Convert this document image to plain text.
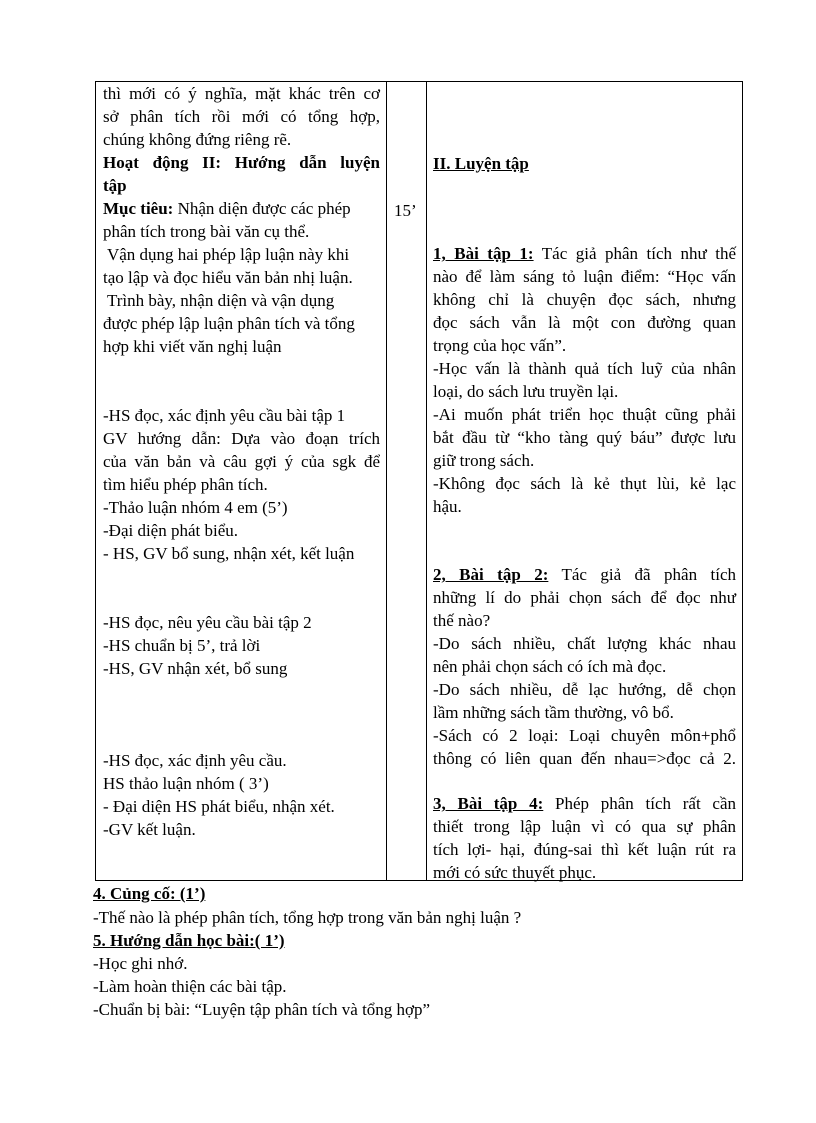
thì mới có ý nghĩa, mặt khác trên cơ
sở phân tích rồi mới có tổng hợp,
chúng không đứng riêng rẽ.
Hoạt động II: Hướng dẫn luyện
tập
Mục tiêu: Nhận diện được các phép
phân tích trong bài văn cụ thể.
Vận dụng hai phép lập luận này khi
tạo lập và đọc hiểu văn bản nhị luận.
Trình bày, nhận diện và vận dụng
được phép lập luận phân tích và tổng
hợp khi viết văn nghị luận
-HS đọc, xác định yêu cầu bài tập 1
GV hướng dẫn: Dựa vào đoạn trích
của văn bản và câu gợi ý của sgk để
tìm hiểu phép phân tích.
-Thảo luận nhóm 4 em (5’)
-Đại diện phát biểu.
- HS, GV bổ sung, nhận xét, kết luận
-HS đọc, nêu yêu cầu bài tập 2
-HS chuẩn bị 5’, trả lời
-HS, GV nhận xét, bổ sung
-HS đọc, xác định yêu cầu.
HS thảo luận nhóm ( 3’)
- Đại diện HS phát biểu, nhận xét.
-GV kết luận.
15’
II. Luyện tập
1, Bài tập 1: Tác giả phân tích như thế
nào để làm sáng tỏ luận điểm: “Học vấn
không chỉ là chuyện đọc sách, nhưng
đọc sách vẫn là một con đường quan
trọng của học vấn”.
-Học vấn là thành quả tích luỹ của nhân
loại, do sách lưu truyền lại.
-Ai muốn phát triển học thuật cũng phải
bắt đầu từ “kho tàng quý báu” được lưu
giữ trong sách.
-Không đọc sách là kẻ thụt lùi, kẻ lạc
hậu.
2, Bài tập 2: Tác giả đã phân tích
những lí do phải chọn sách để đọc như
thế nào?
-Do sách nhiều, chất lượng khác nhau
nên phải chọn sách có ích mà đọc.
-Do sách nhiều, dễ lạc hướng, dễ chọn
lầm những sách tầm thường, vô bổ.
-Sách có 2 loại: Loại chuyên môn+phổ
thông có liên quan đến nhau=>đọc cả 2.
3, Bài tập 4: Phép phân tích rất cần
thiết trong lập luận vì có qua sự phân
tích lợi- hại, đúng-sai thì kết luận rút ra
mới có sức thuyết phục.
4. Củng cố: (1’)
-Thế nào là phép phân tích, tổng hợp trong văn bản nghị luận ?
5. Hướng dẫn học bài:( 1’)
-Học ghi nhớ.
-Làm hoàn thiện các bài tập.
-Chuẩn bị bài: “Luyện tập phân tích và tổng hợp”
